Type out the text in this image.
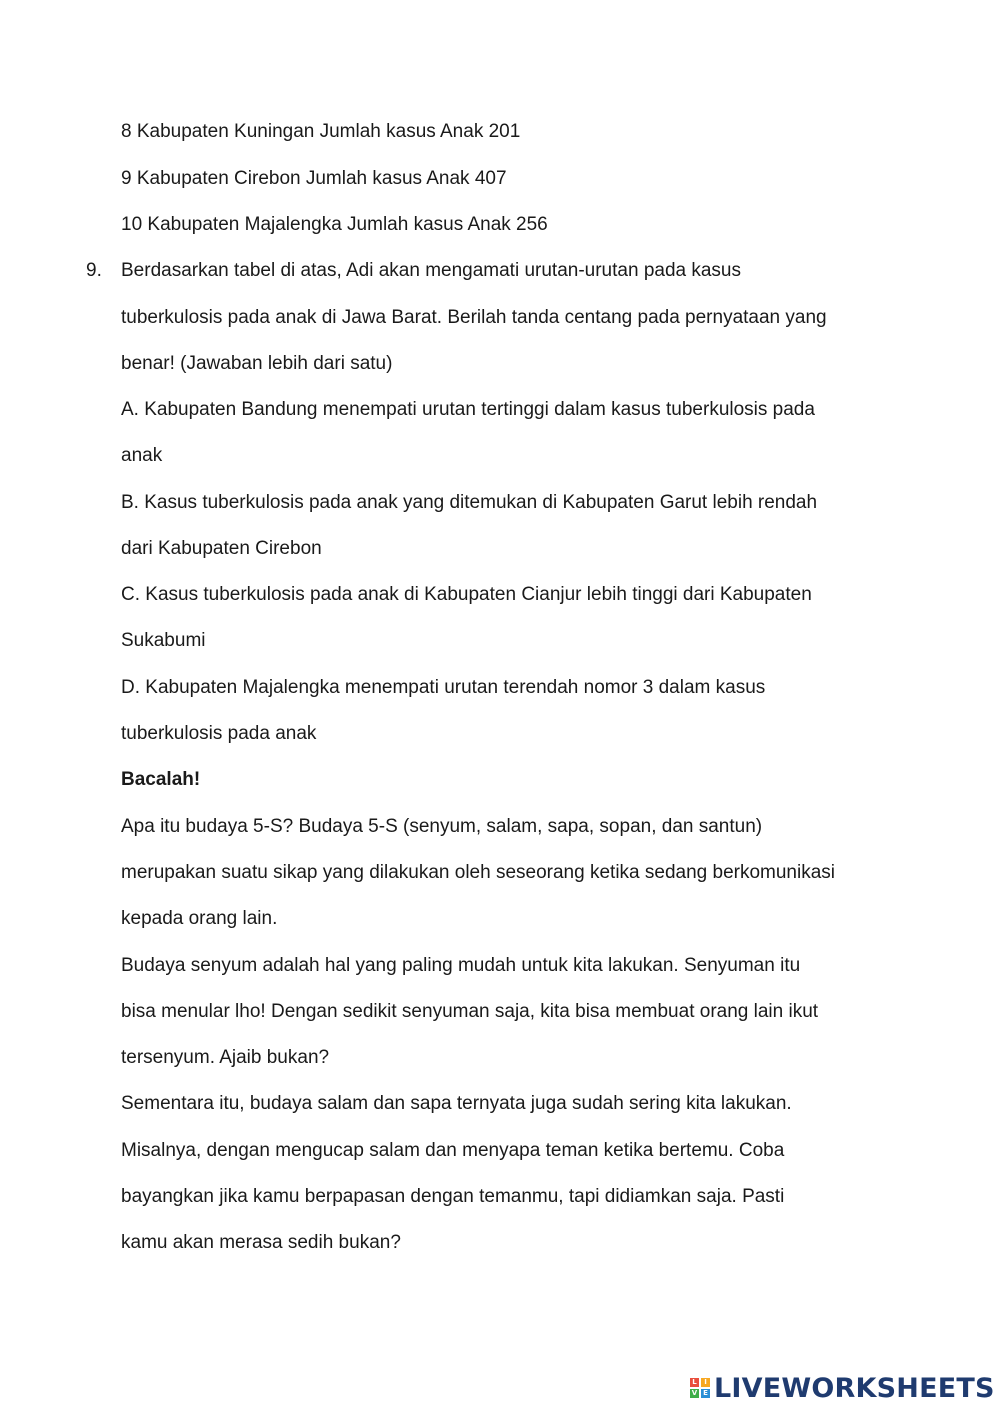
8 Kabupaten Kuningan Jumlah kasus Anak 201
9 Kabupaten Cirebon Jumlah kasus Anak 407
10 Kabupaten Majalengka Jumlah kasus Anak 256
9. Berdasarkan tabel di atas, Adi akan mengamati urutan-urutan pada kasus
tuberkulosis pada anak di Jawa Barat. Berilah tanda centang pada pernyataan yang
benar! (Jawaban lebih dari satu)
A. Kabupaten Bandung menempati urutan tertinggi dalam kasus tuberkulosis pada
anak
B. Kasus tuberkulosis pada anak yang ditemukan di Kabupaten Garut lebih rendah
dari Kabupaten Cirebon
C. Kasus tuberkulosis pada anak di Kabupaten Cianjur lebih tinggi dari Kabupaten
Sukabumi
D. Kabupaten Majalengka menempati urutan terendah nomor 3 dalam kasus
tuberkulosis pada anak
Bacalah!
Apa itu budaya 5-S? Budaya 5-S (senyum, salam, sapa, sopan, dan santun)
merupakan suatu sikap yang dilakukan oleh seseorang ketika sedang berkomunikasi
kepada orang lain.
Budaya senyum adalah hal yang paling mudah untuk kita lakukan. Senyuman itu
bisa menular lho! Dengan sedikit senyuman saja, kita bisa membuat orang lain ikut
tersenyum. Ajaib bukan?
Sementara itu, budaya salam dan sapa ternyata juga sudah sering kita lakukan.
Misalnya, dengan mengucap salam dan menyapa teman ketika bertemu. Coba
bayangkan jika kamu berpapasan dengan temanmu, tapi didiamkan saja. Pasti
kamu akan merasa sedih bukan?
L	I
V E LIVEWORKSHEETS
